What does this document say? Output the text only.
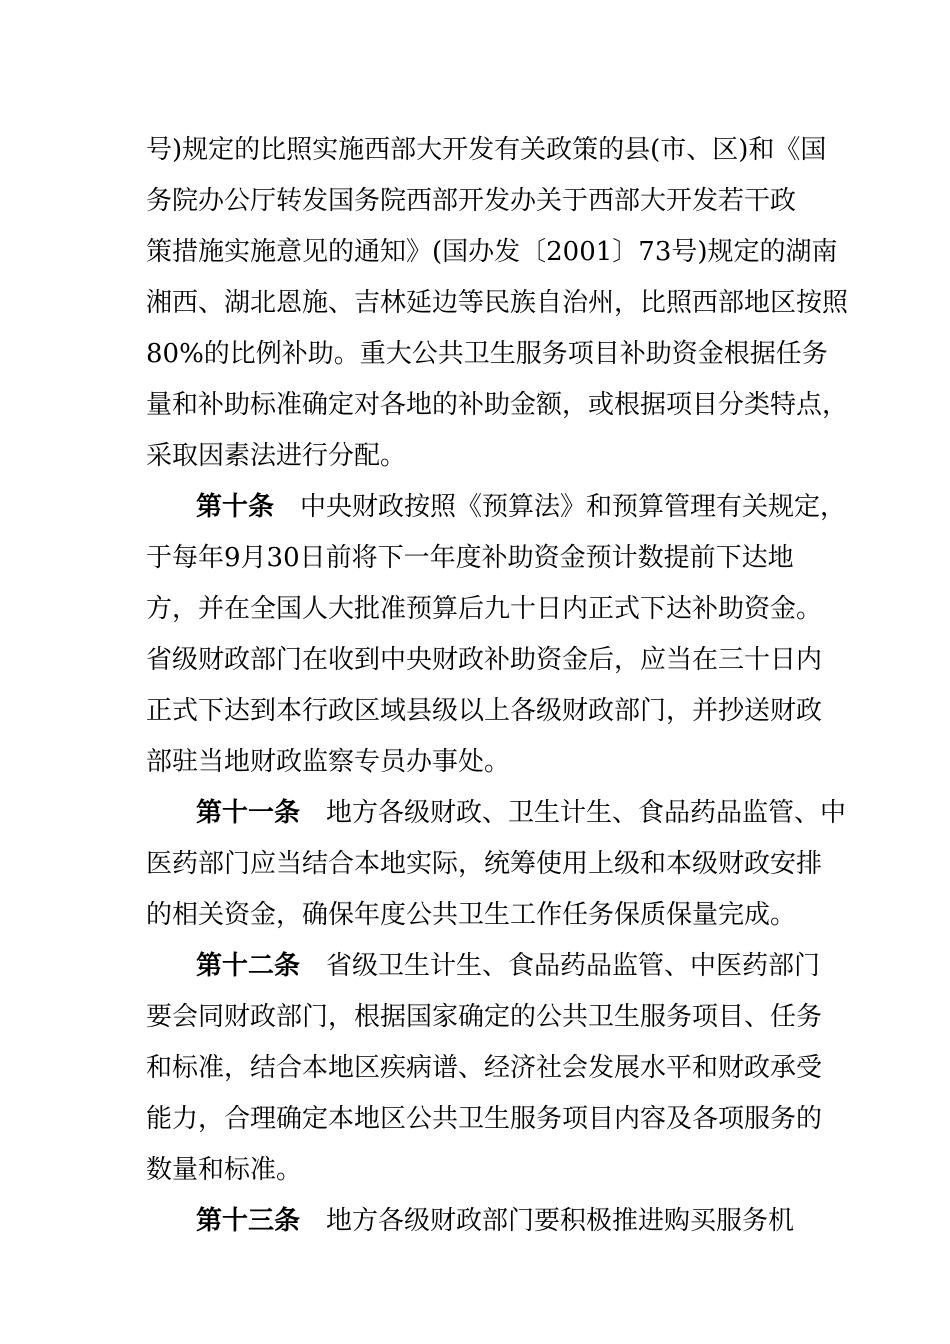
号)规定的比照实施西部大开发有关政策的县(市、区)和《国
务院办公厅转发国务院西部开发办关于西部大开发若干政
策措施实施意见的通知》(国办发〔2001〕73号)规定的湖南
湘西、湖北恩施、吉林延边等民族自治州，比照西部地区按照
80%的比例补助。重大公共卫生服务项目补助资金根据任务
量和补助标准确定对各地的补助金额，或根据项目分类特点，
采取因素法进行分配。
第十条 中央财政按照《预算法》和预算管理有关规定，
于每年9月30日前将下一年度补助资金预计数提前下达地
方，并在全国人大批准预算后九十日内正式下达补助资金。
省级财政部门在收到中央财政补助资金后，应当在三十日内
正式下达到本行政区域县级以上各级财政部门，并抄送财政
部驻当地财政监察专员办事处。
第十一条 地方各级财政、卫生计生、食品药品监管、中
医药部门应当结合本地实际，统筹使用上级和本级财政安排
的相关资金，确保年度公共卫生工作任务保质保量完成。
第十二条 省级卫生计生、食品药品监管、中医药部门
要会同财政部门，根据国家确定的公共卫生服务项目、任务
和标准，结合本地区疾病谱、经济社会发展水平和财政承受
能力，合理确定本地区公共卫生服务项目内容及各项服务的
数量和标准。
第十三条 地方各级财政部门要积极推进购买服务机
